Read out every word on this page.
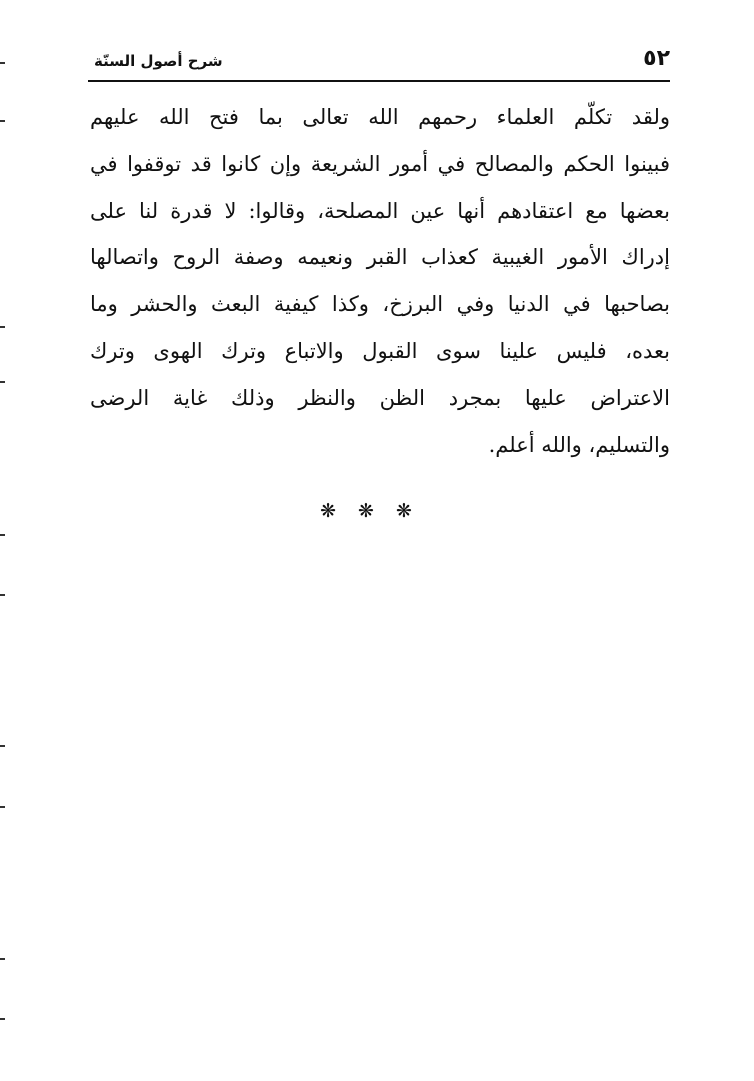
٥٢
شرح أصول السنّة
ولقد تكلّم العلماء رحمهم الله تعالى بما فتح الله عليهم
فبينوا الحكم والمصالح في أمور الشريعة وإن كانوا قد توقفوا في
بعضها مع اعتقادهم أنها عين المصلحة، وقالوا: لا قدرة لنا على
إدراك الأمور الغيبية كعذاب القبر ونعيمه وصفة الروح واتصالها
بصاحبها في الدنيا وفي البرزخ، وكذا كيفية البعث والحشر وما
بعده، فليس علينا سوى القبول والاتباع وترك الهوى وترك
الاعتراض عليها بمجرد الظن والنظر وذلك غاية الرضى
والتسليم، والله أعلم.
❋❋❋
